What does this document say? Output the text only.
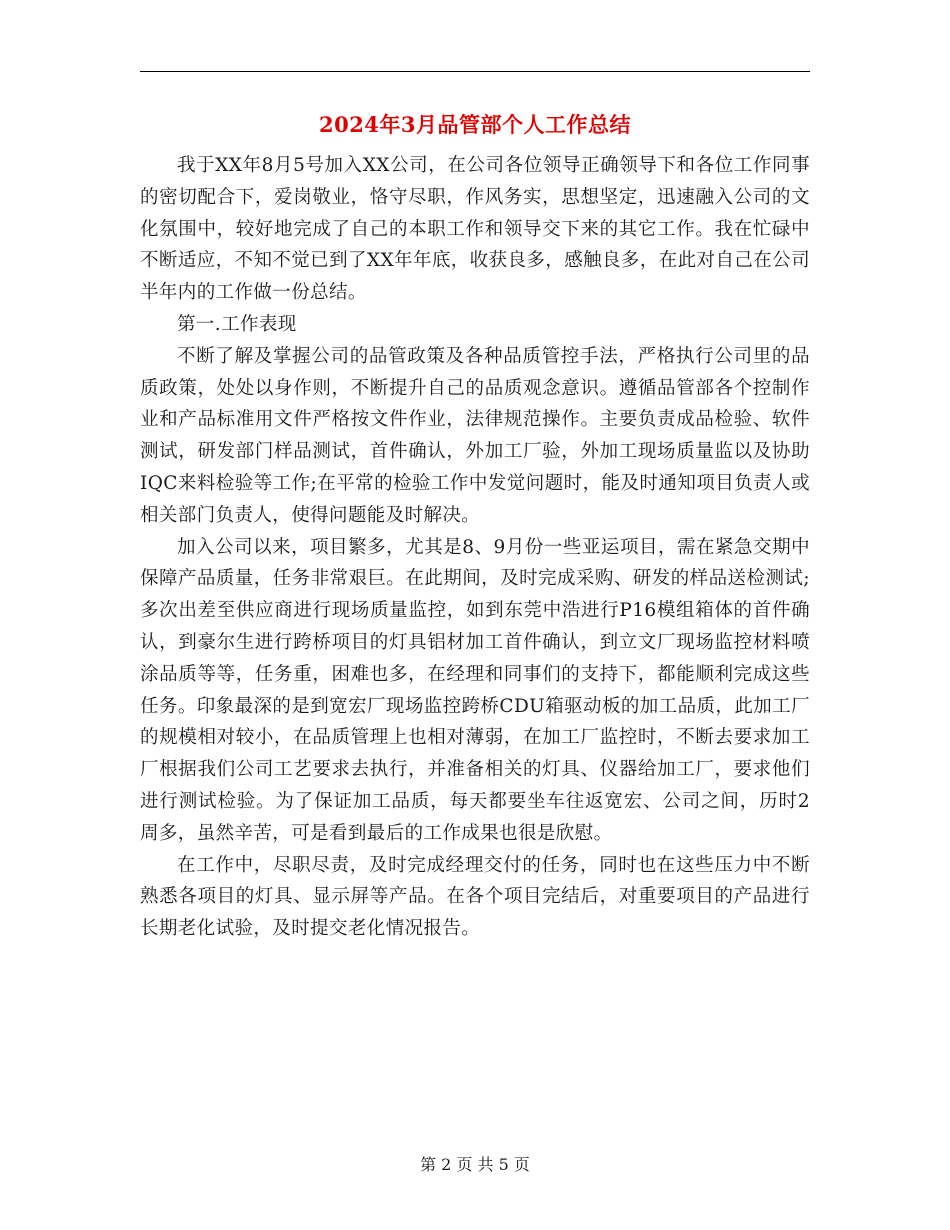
2024年3月品管部个人工作总结

我于XX年8月5号加入XX公司，在公司各位领导正确领导下和各位工作同事的密切配合下，爱岗敬业，恪守尽职，作风务实，思想坚定，迅速融入公司的文化氛围中，较好地完成了自己的本职工作和领导交下来的其它工作。我在忙碌中不断适应，不知不觉已到了XX年年底，收获良多，感触良多，在此对自己在公司半年内的工作做一份总结。

第一.工作表现

不断了解及掌握公司的品管政策及各种品质管控手法，严格执行公司里的品质政策，处处以身作则，不断提升自己的品质观念意识。遵循品管部各个控制作业和产品标准用文件严格按文件作业，法律规范操作。主要负责成品检验、软件测试，研发部门样品测试，首件确认，外加工厂验，外加工现场质量监以及协助IQC来料检验等工作;在平常的检验工作中发觉问题时，能及时通知项目负责人或相关部门负责人，使得问题能及时解决。

加入公司以来，项目繁多，尤其是8、9月份一些亚运项目，需在紧急交期中保障产品质量，任务非常艰巨。在此期间，及时完成采购、研发的样品送检测试;多次出差至供应商进行现场质量监控，如到东莞中浩进行P16模组箱体的首件确认，到豪尔生进行跨桥项目的灯具铝材加工首件确认，到立文厂现场监控材料喷涂品质等等，任务重，困难也多，在经理和同事们的支持下，都能顺利完成这些任务。印象最深的是到宽宏厂现场监控跨桥CDU箱驱动板的加工品质，此加工厂的规模相对较小，在品质管理上也相对薄弱，在加工厂监控时，不断去要求加工厂根据我们公司工艺要求去执行，并准备相关的灯具、仪器给加工厂，要求他们进行测试检验。为了保证加工品质，每天都要坐车往返宽宏、公司之间，历时2周多，虽然辛苦，可是看到最后的工作成果也很是欣慰。

在工作中，尽职尽责，及时完成经理交付的任务，同时也在这些压力中不断熟悉各项目的灯具、显示屏等产品。在各个项目完结后，对重要项目的产品进行长期老化试验，及时提交老化情况报告。

第 2 页 共 5 页
